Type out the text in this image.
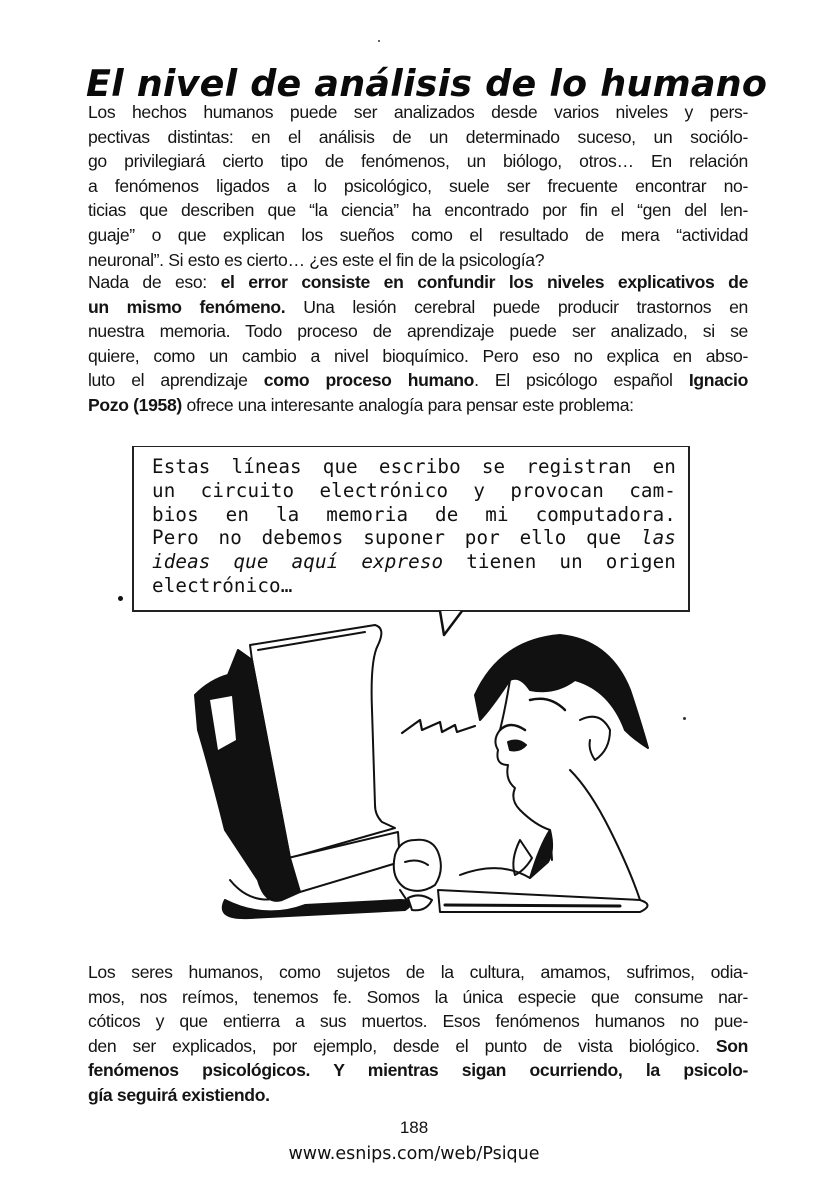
El nivel de análisis de lo humano
Los hechos humanos puede ser analizados desde varios niveles y pers-
pectivas distintas: en el análisis de un determinado suceso, un sociólo-
go privilegiará cierto tipo de fenómenos, un biólogo, otros… En relación
a fenómenos ligados a lo psicológico, suele ser frecuente encontrar no-
ticias que describen que “la ciencia” ha encontrado por fin el “gen del len-
guaje” o que explican los sueños como el resultado de mera “actividad
neuronal”. Si esto es cierto… ¿es este el fin de la psicología?
Nada de eso: el error consiste en confundir los niveles explicativos de
un mismo fenómeno. Una lesión cerebral puede producir trastornos en
nuestra memoria. Todo proceso de aprendizaje puede ser analizado, si se
quiere, como un cambio a nivel bioquímico. Pero eso no explica en abso-
luto el aprendizaje como proceso humano. El psicólogo español Ignacio
Pozo (1958) ofrece una interesante analogía para pensar este problema:
Estas líneas que escribo se registran en
un circuito electrónico y provocan cam-
bios en la memoria de mi computadora.
Pero no debemos suponer por ello que las
ideas que aquí expreso tienen un origen
electrónico…
Los seres humanos, como sujetos de la cultura, amamos, sufrimos, odia-
mos, nos reímos, tenemos fe. Somos la única especie que consume nar-
cóticos y que entierra a sus muertos. Esos fenómenos humanos no pue-
den ser explicados, por ejemplo, desde el punto de vista biológico. Son
fenómenos psicológicos. Y mientras sigan ocurriendo, la psicolo-
gía seguirá existiendo.
188
www.esnips.com/web/Psique
